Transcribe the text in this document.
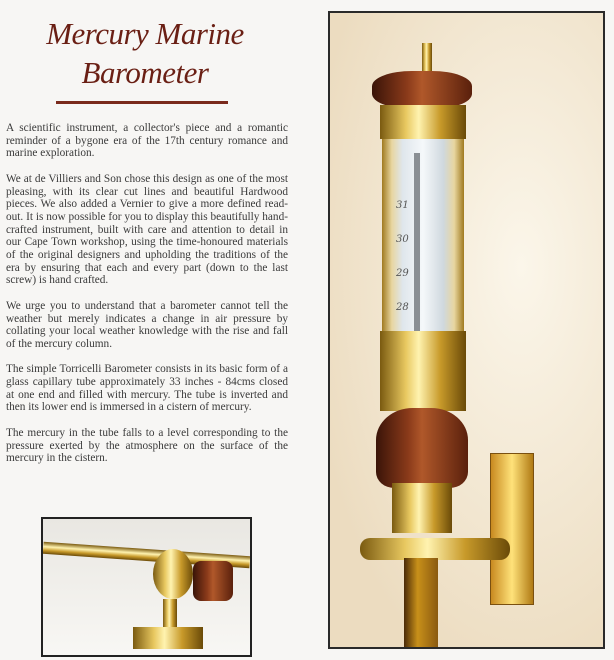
Mercury Marine
Barometer

A scientific instrument, a collector's piece and a romantic reminder of a bygone era of the 17th century romance and marine exploration.

We at de Villiers and Son chose this design as one of the most pleasing, with its clear cut lines and beautiful Hardwood pieces. We also added a Vernier to give a more defined read-out. It is now possible for you to display this beautifully hand-crafted instrument, built with care and attention to detail in our Cape Town workshop, using the time-honoured materials of the original designers and upholding the traditions of the era by ensuring that each and every part (down to the last screw) is hand crafted.

We urge you to understand that a barometer cannot tell the weather but merely indicates a change in air pressure by collating your local weather knowledge with the rise and fall of the mercury column.

The simple Torricelli Barometer consists in its basic form of a glass capillary tube approximately 33 inches - 84cms closed at one end and filled with mercury. The tube is inverted and then its lower end is immersed in a cistern of mercury.

The mercury in the tube falls to a level corresponding to the pressure exerted by the atmosphere on the surface of the mercury in the cistern.

31
30
29
28
